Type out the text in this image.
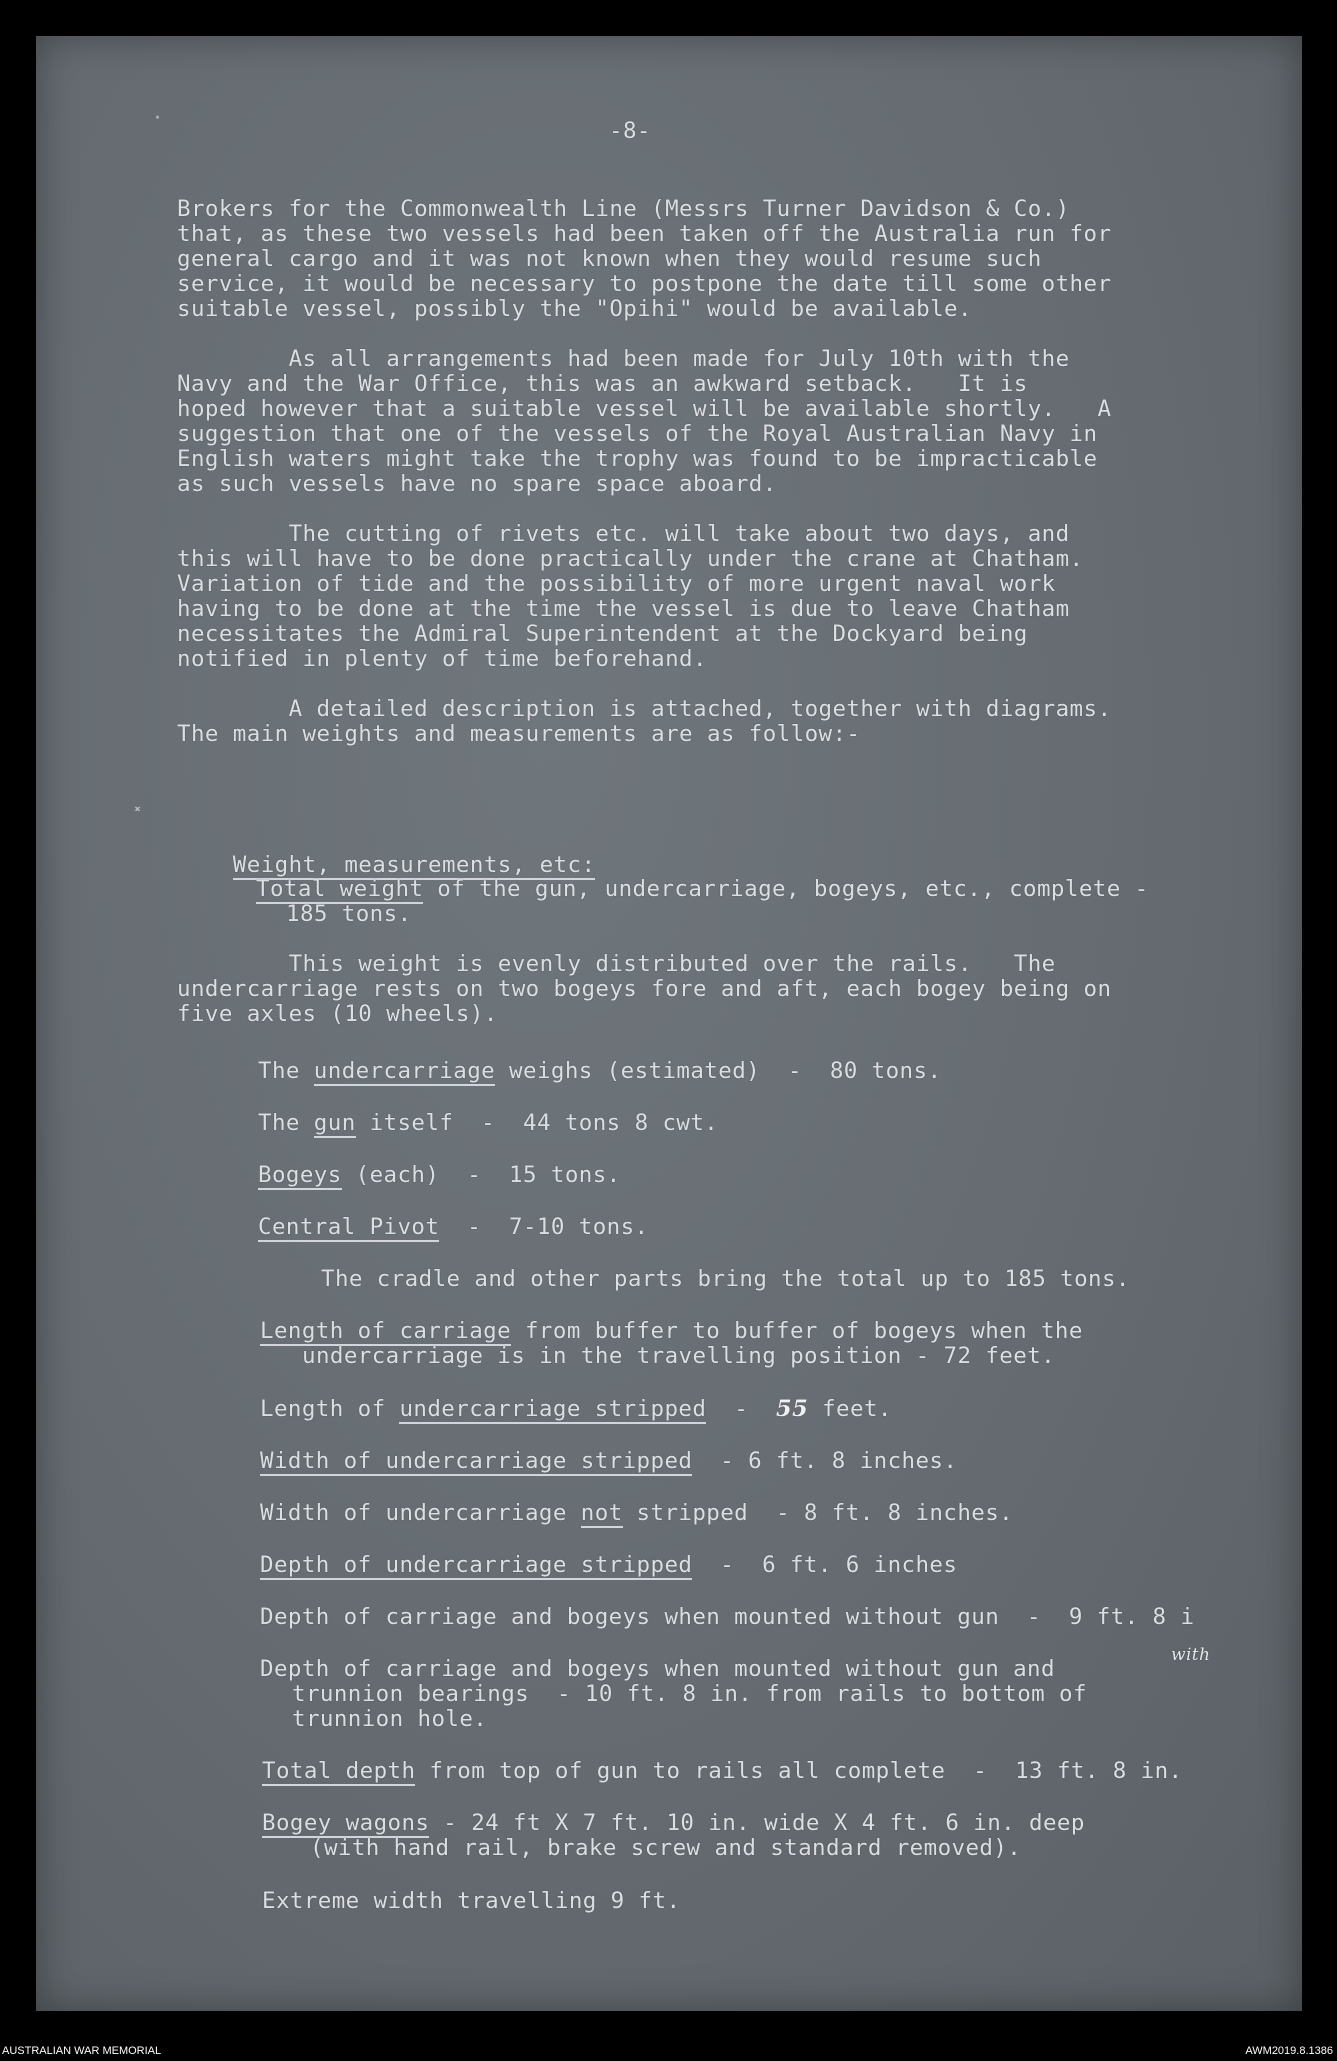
·
˟
-8-
Brokers for the Commonwealth Line (Messrs Turner Davidson & Co.)
that, as these two vessels had been taken off the Australia run for
general cargo and it was not known when they would resume such
service, it would be necessary to postpone the date till some other
suitable vessel, possibly the "Opihi" would be available.
As all arrangements had been made for July 10th with the
Navy and the War Office, this was an awkward setback.   It is
hoped however that a suitable vessel will be available shortly.   A
suggestion that one of the vessels of the Royal Australian Navy in
English waters might take the trophy was found to be impracticable
as such vessels have no spare space aboard.
The cutting of rivets etc. will take about two days, and
this will have to be done practically under the crane at Chatham.
Variation of tide and the possibility of more urgent naval work
having to be done at the time the vessel is due to leave Chatham
necessitates the Admiral Superintendent at the Dockyard being
notified in plenty of time beforehand.
A detailed description is attached, together with diagrams.
The main weights and measurements are as follow:-

Weight, measurements, etc:

Total weight of the gun, undercarriage, bogeys, etc., complete -
185 tons.
This weight is evenly distributed over the rails.   The
undercarriage rests on two bogeys fore and aft, each bogey being on
five axles (10 wheels).
The undercarriage weighs (estimated)  -  80 tons.
The gun itself  -  44 tons 8 cwt.
Bogeys (each)  -  15 tons.
Central Pivot  -  7-10 tons.
The cradle and other parts bring the total up to 185 tons.
Length of carriage from buffer to buffer of bogeys when the
undercarriage is in the travelling position - 72 feet.
Length of undercarriage stripped  -  55 feet.
Width of undercarriage stripped  - 6 ft. 8 inches.
Width of undercarriage not stripped  - 8 ft. 8 inches.
Depth of undercarriage stripped  -  6 ft. 6 inches
Depth of carriage and bogeys when mounted without gun  -  9 ft. 8 i
Depth of carriage and bogeys when mounted without gun and
with
trunnion bearings  - 10 ft. 8 in. from rails to bottom of
trunnion hole.
Total depth from top of gun to rails all complete  -  13 ft. 8 in.
Bogey wagons - 24 ft X 7 ft. 10 in. wide X 4 ft. 6 in. deep
(with hand rail, brake screw and standard removed).
Extreme width travelling 9 ft.
AUSTRALIAN WAR MEMORIAL	AWM2019.8.1386
